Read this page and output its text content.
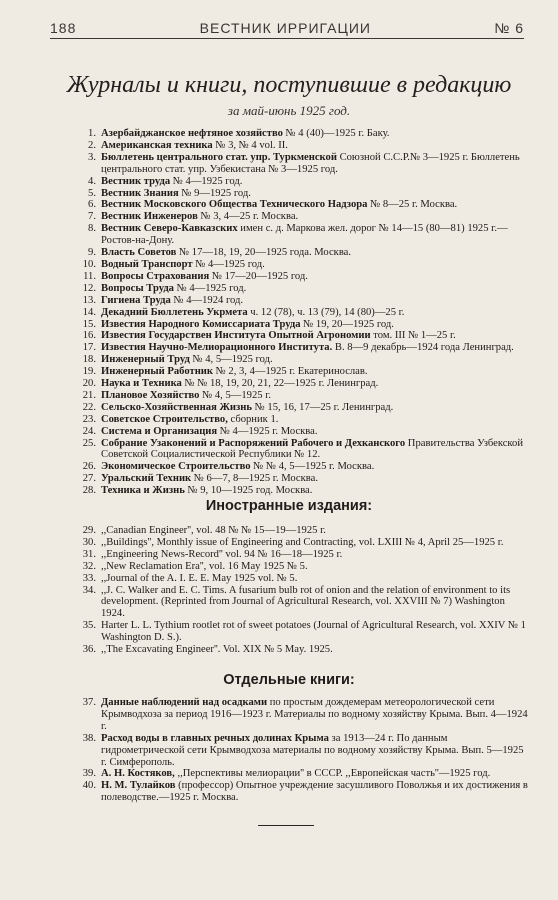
188	ВЕСТНИК ИРРИГАЦИИ	№ 6
Журналы и книги, поступившие в редакцию
за май-июнь 1925 год.
1. Азербайджанское нефтяное хозяйство № 4 (40)—1925 г. Баку.
2. Американская техника № 3, № 4 vol. II.
3. Бюллетень центрального стат. упр. Туркменской Союзной С.С.Р.№ 3—1925 г. Бюллетень центрального стат. упр. Узбекистана № 3—1925 год.
4. Вестник труда № 4—1925 год.
5. Вестник Знания № 9—1925 год.
6. Вестник Московского Общества Технического Надзора № 8—25 г. Москва.
7. Вестник Инженеров № 3, 4—25 г. Москва.
8. Вестник Северо-Кавказских имен с. д. Маркова жел. дорог № 14—15 (80—81) 1925 г.—Ростов-на-Дону.
9. Власть Советов № 17—18, 19, 20—1925 года. Москва.
10. Водный Транспорт № 4—1925 год.
11. Вопросы Страхования № 17—20—1925 год.
12. Вопросы Труда № 4—1925 год.
13. Гигиена Труда № 4—1924 год.
14. Декадний Бюллетень Укрмета ч. 12 (78), ч. 13 (79), 14 (80)—25 г.
15. Известия Народного Комиссариата Труда № 19, 20—1925 год.
16. Известия Государствен Института Опытной Агрономии том. III № 1—25 г.
17. Известия Научно-Мелиорационного Института. В. 8—9 декабрь—1924 года Ленинград.
18. Инженерный Труд № 4, 5—1925 год.
19. Инженерный Работник № 2, 3, 4—1925 г. Екатеринослав.
20. Наука и Техника № № 18, 19, 20, 21, 22—1925 г. Ленинград.
21. Плановое Хозяйство № 4, 5—1925 г.
22. Сельско-Хозяйственная Жизнь № 15, 16, 17—25 г. Ленинград.
23. Советское Строительство, сборник 1.
24. Система и Организация № 4—1925 г. Москва.
25. Собрание Узаконений и Распоряжений Рабочего и Дехканского Правительства Узбекской Советской Социалистической Республики № 12.
26. Экономическое Строительство № № 4, 5—1925 г. Москва.
27. Уральский Техник № 6—7, 8—1925 г. Москва.
28. Техника и Жизнь № 9, 10—1925 год. Москва.
Иностранные издания:
29. ,,Canadian Engineer'', vol. 48 № № 15—19—1925 г.
30. ,,Buildings'', Monthly issue of Engineering and Contracting, vol. LXIII № 4, April 25—1925 г.
31. ,,Engineering News-Record'' vol. 94 № 16—18—1925 г.
32. ,,New Reclamation Era'', vol. 16 May 1925 № 5.
33. ,,Journal of the A. I. E. E. May 1925 vol. № 5.
34. ,,J. C. Walker and E. C. Tims. A fusarium bulb rot of onion and the relation of environment to its development. (Reprinted from Journal of Agricultural Research, vol. XXVIII № 7) Washington 1924.
35. Harter L. L. Tythium rootlet rot of sweet potatoes (Journal of Agricultural Research, vol. XXIV № 1 Washington D. S.).
36. ,,The Excavating Engineer''. Vol. XIX № 5 May. 1925.
Отдельные книги:
37. Данные наблюдений над осадками по простым дождемерам метеорологической сети Крымводхоза за период 1916—1923 г. Материалы по водному хозяйству Крыма. Вып. 4—1924 г.
38. Расход воды в главных речных долинах Крыма за 1913—24 г. По данным гидрометрической сети Крымводхоза материалы по водному хозяйству Крыма. Вып. 5—1925 г. Симферополь.
39. А. Н. Костяков, ,,Перспективы мелиорации'' в СССР. ,,Европейская часть''—1925 год.
40. Н. М. Тулайков (профессор) Опытное учреждение засушливого Поволжья и их достижения в полеводстве.—1925 г. Москва.
